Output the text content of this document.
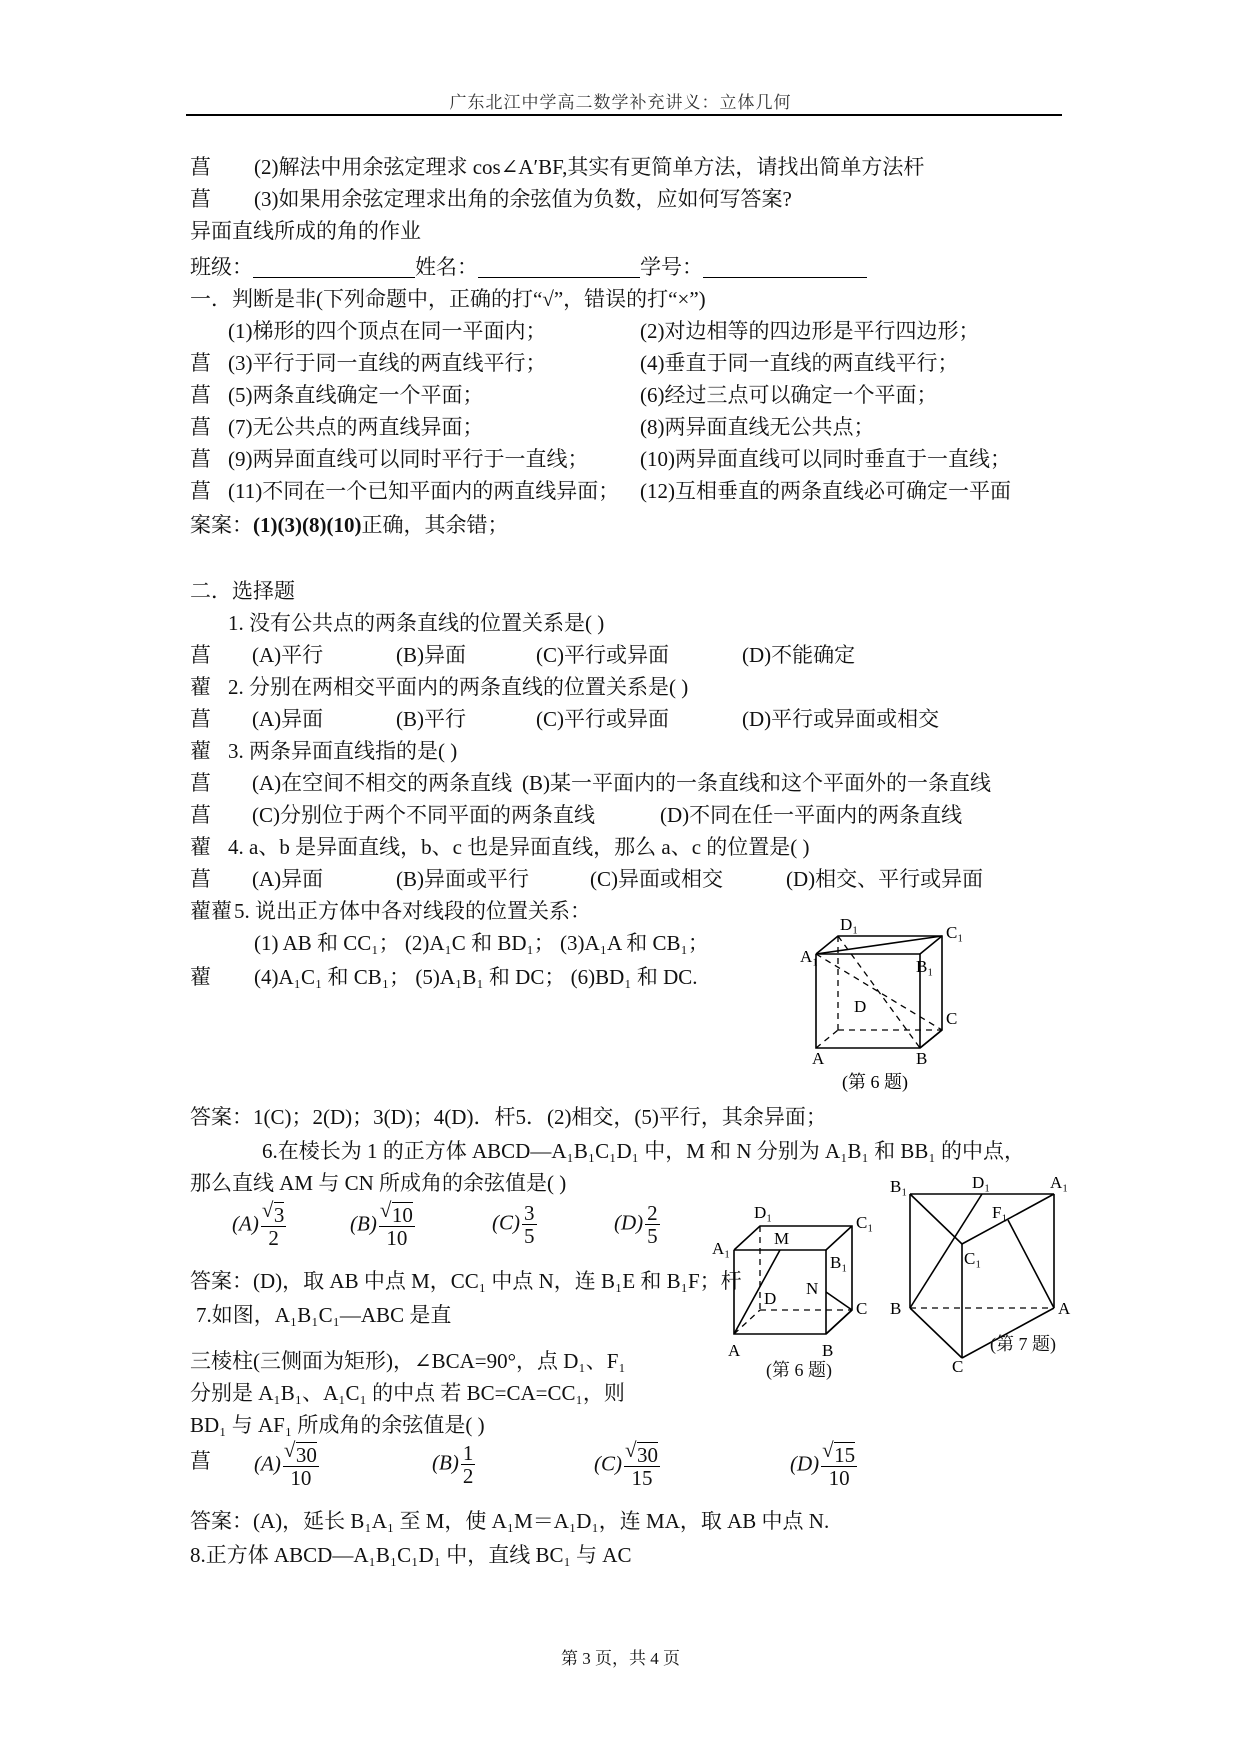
广东北江中学高二数学补充讲义：立体几何
菖 (2)解法中用余弦定理求 cos∠A′BF,其实有更简单方法，请找出简单方法杆
菖 (3)如果用余弦定理求出角的余弦值为负数，应如何写答案?
异面直线所成的角的作业
班级：	姓名：	学号：
一．判断是非(下列命题中，正确的打“√”，错误的打“×”)
(1)梯形的四个顶点在同一平面内；	(2)对边相等的四边形是平行四边形；
菖 (3)平行于同一直线的两直线平行；	(4)垂直于同一直线的两直线平行；
菖 (5)两条直线确定一个平面；	(6)经过三点可以确定一个平面；
菖 (7)无公共点的两直线异面；	(8)两异面直线无公共点；
菖 (9)两异面直线可以同时平行于一直线； (10)两异面直线可以同时垂直于一直线；
菖 (11)不同在一个已知平面内的两直线异面； (12)互相垂直的两条直线必可确定一平面
案案：(1)(3)(8)(10)正确，其余错；
二．选择题
1. 没有公共点的两条直线的位置关系是( )
菖 (A)平行	(B)异面	(C)平行或异面	(D)不能确定
藋 2. 分别在两相交平面内的两条直线的位置关系是( )
菖 (A)异面	(B)平行	(C)平行或异面	(D)平行或异面或相交
藋 3. 两条异面直线指的是( )
菖 (A)在空间不相交的两条直线 (B)某一平面内的一条直线和这个平面外的一条直线
菖 (C)分别位于两个不同平面的两条直线	(D)不同在任一平面内的两条直线
藋 4. a、b 是异面直线，b、c 也是异面直线，那么 a、c 的位置是( )
菖 (A)异面	(B)异面或平行	(C)异面或相交	(D)相交、平行或异面
藋藋 5. 说出正方体中各对线段的位置关系：
(1) AB 和 CC₁； (2)A₁C 和 BD₁； (3)A₁A 和 CB₁；
藋 (4)A₁C₁ 和 CB₁； (5)A₁B₁ 和 DC； (6)BD₁ 和 DC.
D₁	C₁
A₁
B₁
D
C
A	B
(第 6 题)
答案：1(C)；2(D)；3(D)；4(D)．杆5．(2)相交，(5)平行，其余异面；
6.在棱长为 1 的正方体 ABCD—A₁B₁C₁D₁ 中，M 和 N 分别为 A₁B₁ 和 BB₁ 的中点，
那么直线 AM 与 CN 所成角的余弦值是( )
(A) √ $\frac{3}{2}$	(B) √ $\frac{10}{10}$	$(C) \frac{3}{5}$	$(D) \frac{2}{5}$
答案：(D)，取 AB 中点 M，CC₁ 中点 N，连 B₁E 和 B₁F；杆
7.如图，A₁B₁C₁—ABC 是直
三棱柱(三侧面为矩形)，∠BCA=90°，点 D₁、F₁
分别是 A₁B₁、A₁C₁ 的中点 若 BC=CA=CC₁，则
BD₁ 与 AF₁ 所成角的余弦值是( )
D₁
C₁
A₁
M
B₁
N
D
C
A	B
(第 6 题)
B₁	D₁	A₁
F₁
C₁
B	A
C
(第 7 题)
菖 (A) √ $\frac{30}{10}$	$(B) \frac{1}{2}$	(C) √ $\frac{30}{15}$	(D) √ $\frac{15}{10}$
答案：(A)，延长 B₁A₁ 至 M，使 A₁M＝A₁D₁，连 MA，取 AB 中点 N.
8.正方体 ABCD—A₁B₁C₁D₁ 中，直线 BC₁ 与 AC
第 3 页，共 4 页
